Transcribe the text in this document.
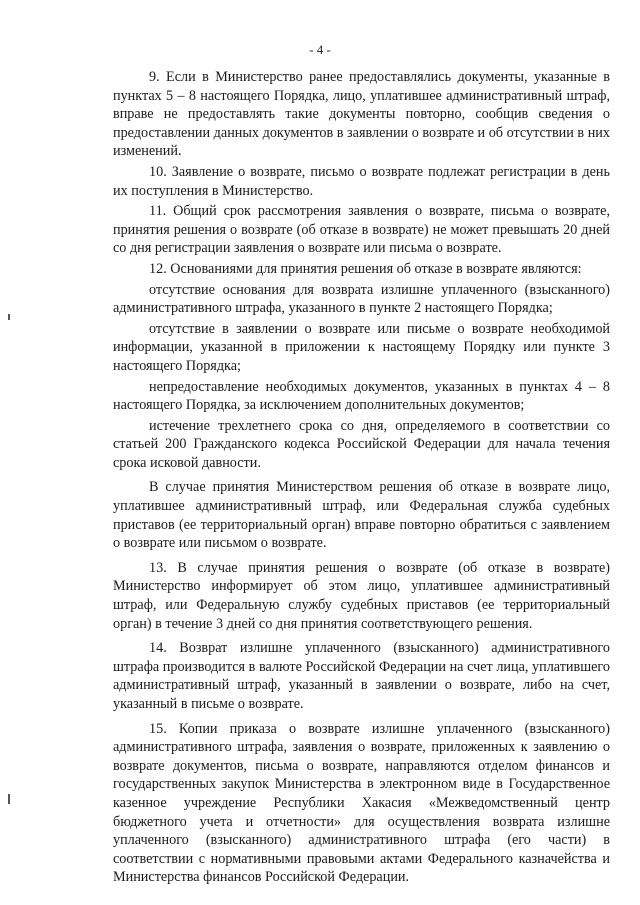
- 4 -

9. Если в Министерство ранее предоставлялись документы, указанные в пунктах 5 – 8 настоящего Порядка, лицо, уплатившее административный штраф, вправе не предоставлять такие документы повторно, сообщив сведения о предоставлении данных документов в заявлении о возврате и об отсутствии в них изменений.

10. Заявление о возврате, письмо о возврате подлежат регистрации в день их поступления в Министерство.

11. Общий срок рассмотрения заявления о возврате, письма о возврате, принятия решения о возврате (об отказе в возврате) не может превышать 20 дней со дня регистрации заявления о возврате или письма о возврате.

12. Основаниями для принятия решения об отказе в возврате являются:

отсутствие основания для возврата излишне уплаченного (взысканного) административного штрафа, указанного в пункте 2 настоящего Порядка;

отсутствие в заявлении о возврате или письме о возврате необходимой информации, указанной в приложении к настоящему Порядку или пункте 3 настоящего Порядка;

непредоставление необходимых документов, указанных в пунктах 4 – 8 настоящего Порядка, за исключением дополнительных документов;

истечение трехлетнего срока со дня, определяемого в соответствии со статьей 200 Гражданского кодекса Российской Федерации для начала течения срока исковой давности.

В случае принятия Министерством решения об отказе в возврате лицо, уплатившее административный штраф, или Федеральная служба судебных приставов (ее территориальный орган) вправе повторно обратиться с заявлением о возврате или письмом о возврате.

13. В случае принятия решения о возврате (об отказе в возврате) Министерство информирует об этом лицо, уплатившее административный штраф, или Федеральную службу судебных приставов (ее территориальный орган) в течение 3 дней со дня принятия соответствующего решения.

14. Возврат излишне уплаченного (взысканного) административного штрафа производится в валюте Российской Федерации на счет лица, уплатившего административный штраф, указанный в заявлении о возврате, либо на счет, указанный в письме о возврате.

15. Копии приказа о возврате излишне уплаченного (взысканного) административного штрафа, заявления о возврате, приложенных к заявлению о возврате документов, письма о возврате, направляются отделом финансов и государственных закупок Министерства в электронном виде в Государственное казенное учреждение Республики Хакасия «Межведомственный центр бюджетного учета и отчетности» для осуществления возврата излишне уплаченного (взысканного) административного штрафа (его части) в соответствии с нормативными правовыми актами Федерального казначейства и Министерства финансов Российской Федерации.
